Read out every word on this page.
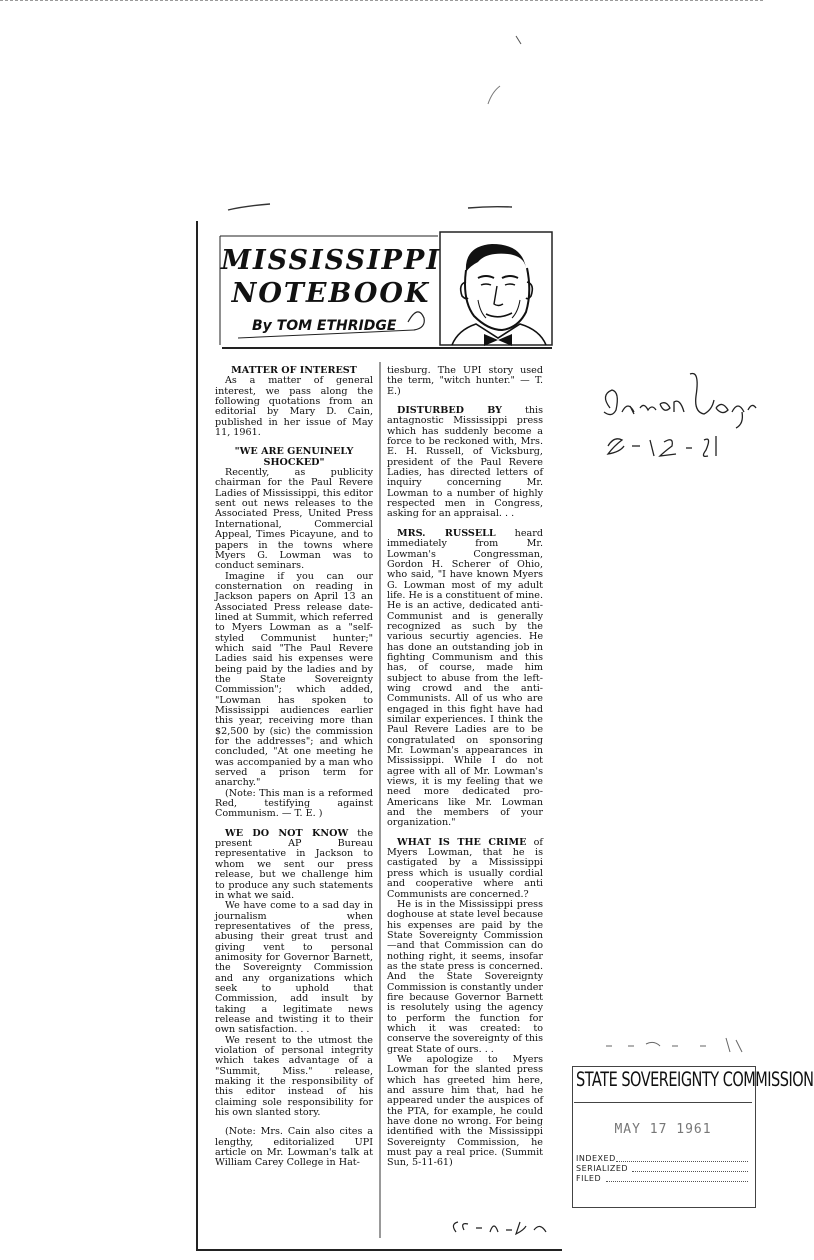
MISSISSIPPI
NOTEBOOK
By TOM ETHRIDGE

MATTER OF INTEREST

As a matter of general interest, we pass along the following quotations from an editorial by Mary D. Cain, published in her issue of May 11, 1961.

"WE ARE GENUINELY SHOCKED"

Recently, as publicity chairman for the Paul Revere Ladies of Mississippi, this editor sent out news releases to the Associated Press, United Press International, Commercial Appeal, Times Picayune, and to papers in the towns where Myers G. Lowman was to conduct seminars.

Imagine if you can our consternation on reading in Jackson papers on April 13 an Associated Press release date-lined at Summit, which referred to Myers Lowman as a "self-styled Communist hunter;" which said "The Paul Revere Ladies said his expenses were being paid by the ladies and by the State Sovereignty Commission"; which added, "Lowman has spoken to Mississippi audiences earlier this year, receiving more than $2,500 by (sic) the commission for the addresses"; and which concluded, "At one meeting he was accompanied by a man who served a prison term for anarchy."

(Note: This man is a reformed Red, testifying against Communism. — T. E. )

WE DO NOT KNOW the present AP Bureau representative in Jackson to whom we sent our press release, but we challenge him to produce any such statements in what we said.

We have come to a sad day in journalism when representatives of the press, abusing their great trust and giving vent to personal animosity for Governor Barnett, the Sovereignty Commission and any organizations which seek to uphold that Commission, add insult by taking a legitimate news release and twisting it to their own satisfaction. . .

We resent to the utmost the violation of personal integrity which takes advantage of a "Summit, Miss." release, making it the responsibility of this editor instead of his claiming sole responsibility for his own slanted story.

(Note: Mrs. Cain also cites a lengthy, editorialized UPI article on Mr. Lowman's talk at William Carey College in Hat-

tiesburg. The UPI story used the term, "witch hunter." — T. E.)

DISTURBED BY this antagnostic Mississippi press which has suddenly become a force to be reckoned with, Mrs. E. H. Russell, of Vicksburg, president of the Paul Revere Ladies, has directed letters of inquiry concerning Mr. Lowman to a number of highly respected men in Congress, asking for an appraisal. . .

MRS. RUSSELL heard immediately from Mr. Lowman's Congressman, Gordon H. Scherer of Ohio, who said, "I have known Myers G. Lowman most of my adult life. He is a constituent of mine. He is an active, dedicated anti-Communist and is generally recognized as such by the various securtiy agencies. He has done an outstanding job in fighting Communism and this has, of course, made him subject to abuse from the left-wing crowd and the anti-Communists. All of us who are engaged in this fight have had similar experiences. I think the Paul Revere Ladies are to be congratulated on sponsoring Mr. Lowman's appearances in Mississippi. While I do not agree with all of Mr. Lowman's views, it is my feeling that we need more dedicated pro-Americans like Mr. Lowman and the members of your organization."

WHAT IS THE CRIME of Myers Lowman, that he is castigated by a Mississippi press which is usually cordial and cooperative where anti Communists are concerned.?

He is in the Mississippi press doghouse at state level because his expenses are paid by the State Sovereignty Commission—and that Commission can do nothing right, it seems, insofar as the state press is concerned. And the State Sovereignty Commission is constantly under fire because Governor Barnett is resolutely using the agency to perform the function for which it was created: to conserve the sovereignty of this great State of ours. . .

We apologize to Myers Lowman for the slanted press which has greeted him here, and assure him that, had he appeared under the auspices of the PTA, for example, he could have done no wrong. For being identified with the Mississippi Sovereignty Commission, he must pay a real price. (Summit Sun, 5-11-61)

STATE SOVEREIGNTY COMMISSION
MAY 17 1961
INDEXED
SERIALIZED
FILED
